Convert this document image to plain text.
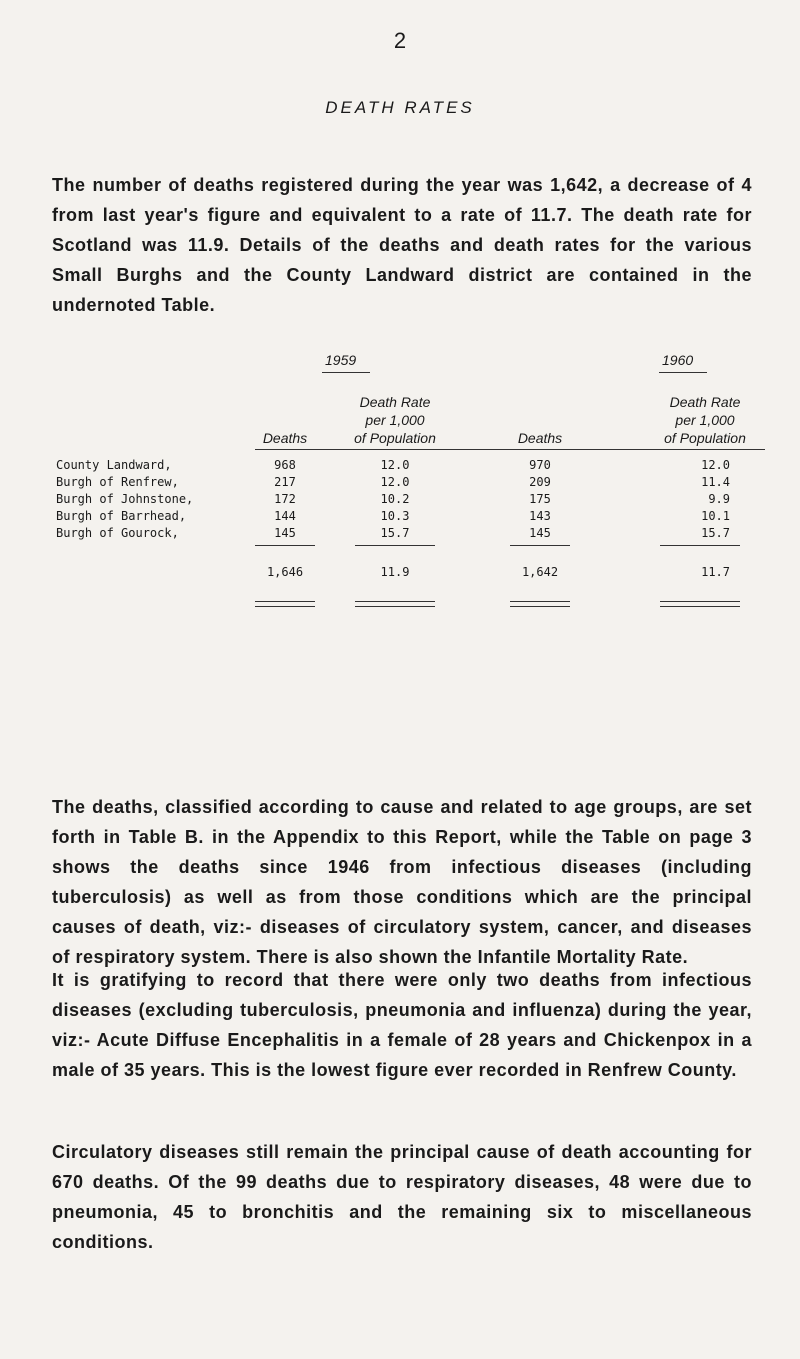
2
DEATH RATES
The number of deaths registered during the year was 1,642, a decrease of 4 from last year's figure and equivalent to a rate of 11.7. The death rate for Scotland was 11.9. Details of the deaths and death rates for the various Small Burghs and the County Landward district are contained in the undernoted Table.
1959	1960
Deaths
Death Rate
per 1,000
of Population	Deaths
Death Rate
per 1,000
of Population
County Landward,	968	12.0	970	12.0
Burgh of Renfrew,	217	12.0	209	11.4
Burgh of Johnstone,	172	10.2	175	9.9
Burgh of Barrhead,	144	10.3	143	10.1
Burgh of Gourock,	145	15.7	145	15.7
1,646	11.9	1,642	11.7
The deaths, classified according to cause and related to age groups, are set forth in Table B. in the Appendix to this Report, while the Table on page 3 shows the deaths since 1946 from infectious diseases (including tuberculosis) as well as from those conditions which are the principal causes of death, viz:- diseases of circulatory system, cancer, and diseases of respiratory system. There is also shown the Infantile Mortality Rate.
It is gratifying to record that there were only two deaths from infectious diseases (excluding tuberculosis, pneumonia and influenza) during the year, viz:- Acute Diffuse Encephalitis in a female of 28 years and Chickenpox in a male of 35 years. This is the lowest figure ever recorded in Renfrew County.
Circulatory diseases still remain the principal cause of death accounting for 670 deaths. Of the 99 deaths due to respiratory diseases, 48 were due to pneumonia, 45 to bronchitis and the remaining six to miscellaneous conditions.
